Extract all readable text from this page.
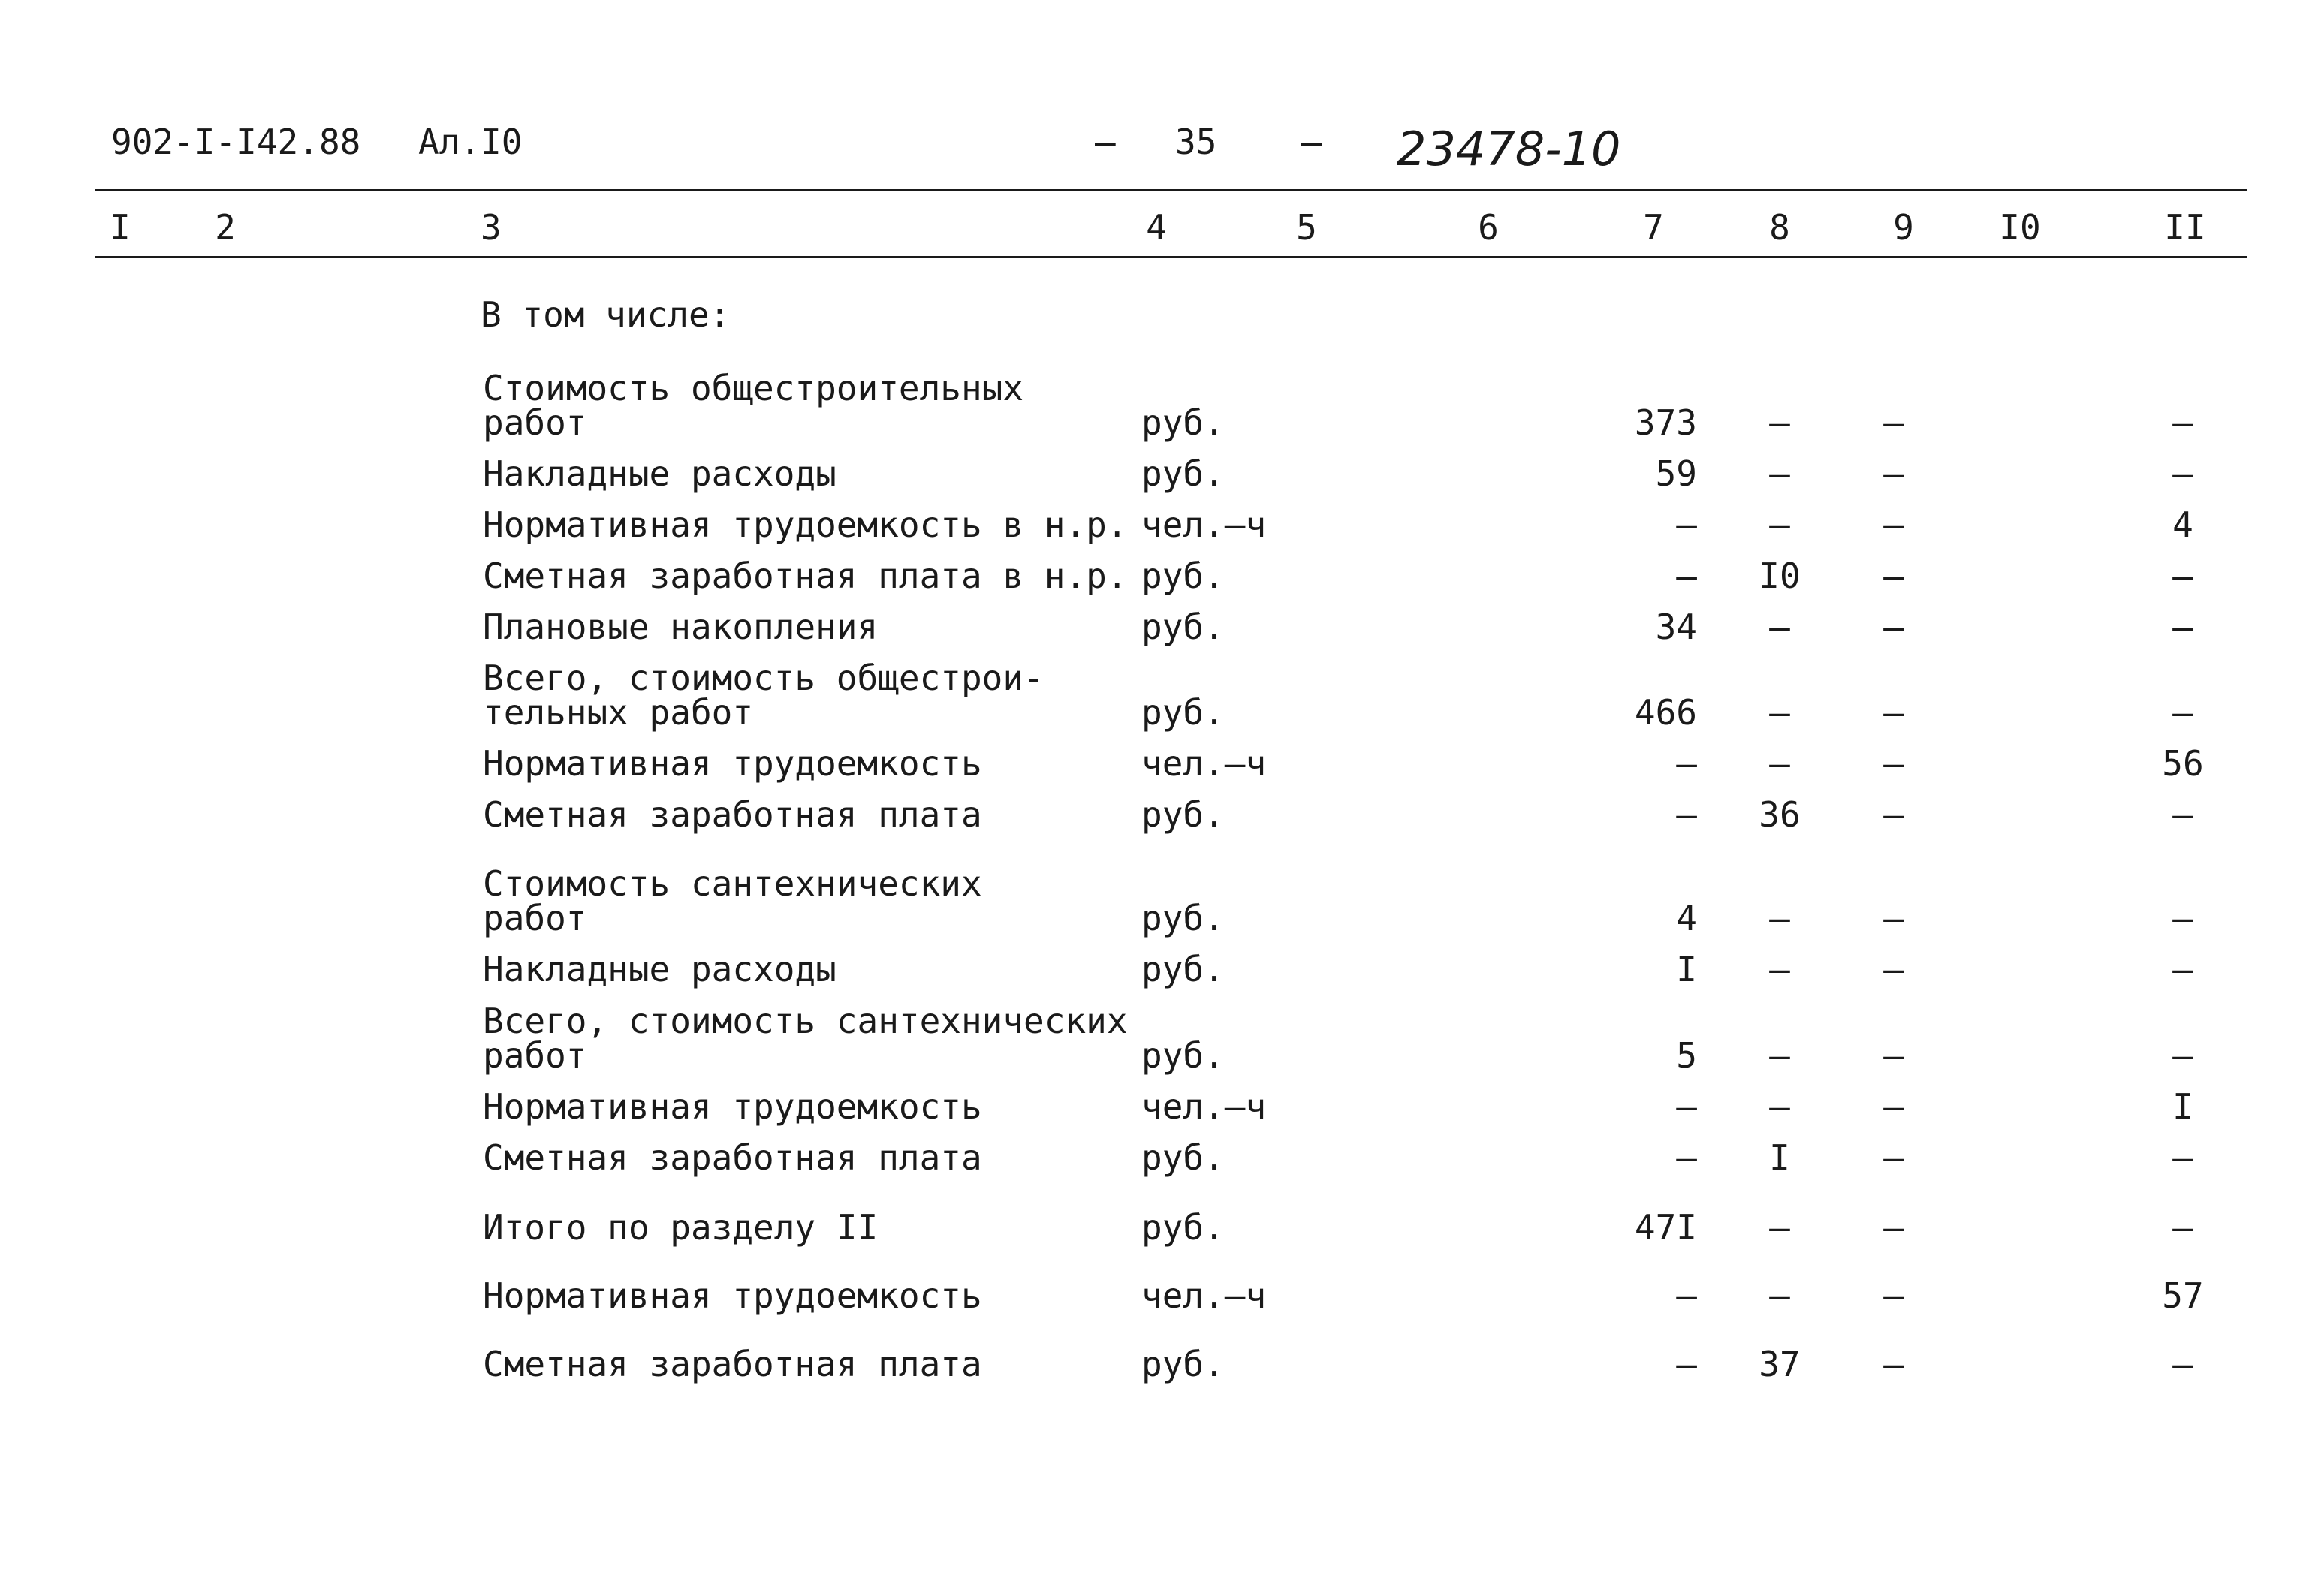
902-I-I42.88 Ал.I0	– 35 – 23478-10
I	2	3	4	5	6	7	8	9	I0	II
В том числе:
Стоимость общестроительных
работ	руб.	373	–	–	–
Накладные расходы	руб.	59	–	–	–
Нормативная трудоемкость в н.р. чел.–ч	–	–	–	4
Сметная заработная плата в н.р. руб.	–	I0	–	–
Плановые накопления	руб.	34	–	–	–
Всего, стоимость общестрои-
тельных работ	руб.	466	–	–	–
Нормативная трудоемкость	чел.–ч	–	–	–	56
Сметная заработная плата	руб.	–	36	–	–
Стоимость сантехнических
работ	руб.	4	–	–	–
Накладные расходы	руб.	I	–	–	–
Всего, стоимость сантехнических
работ	руб.	5	–	–	–
Нормативная трудоемкость	чел.–ч	–	–	–	I
Сметная заработная плата	руб.	–	I	–	–
Итого по разделу II	руб.	47I	–	–	–
Нормативная трудоемкость	чел.–ч	–	–	–	57
Сметная заработная плата	руб.	–	37	–	–
